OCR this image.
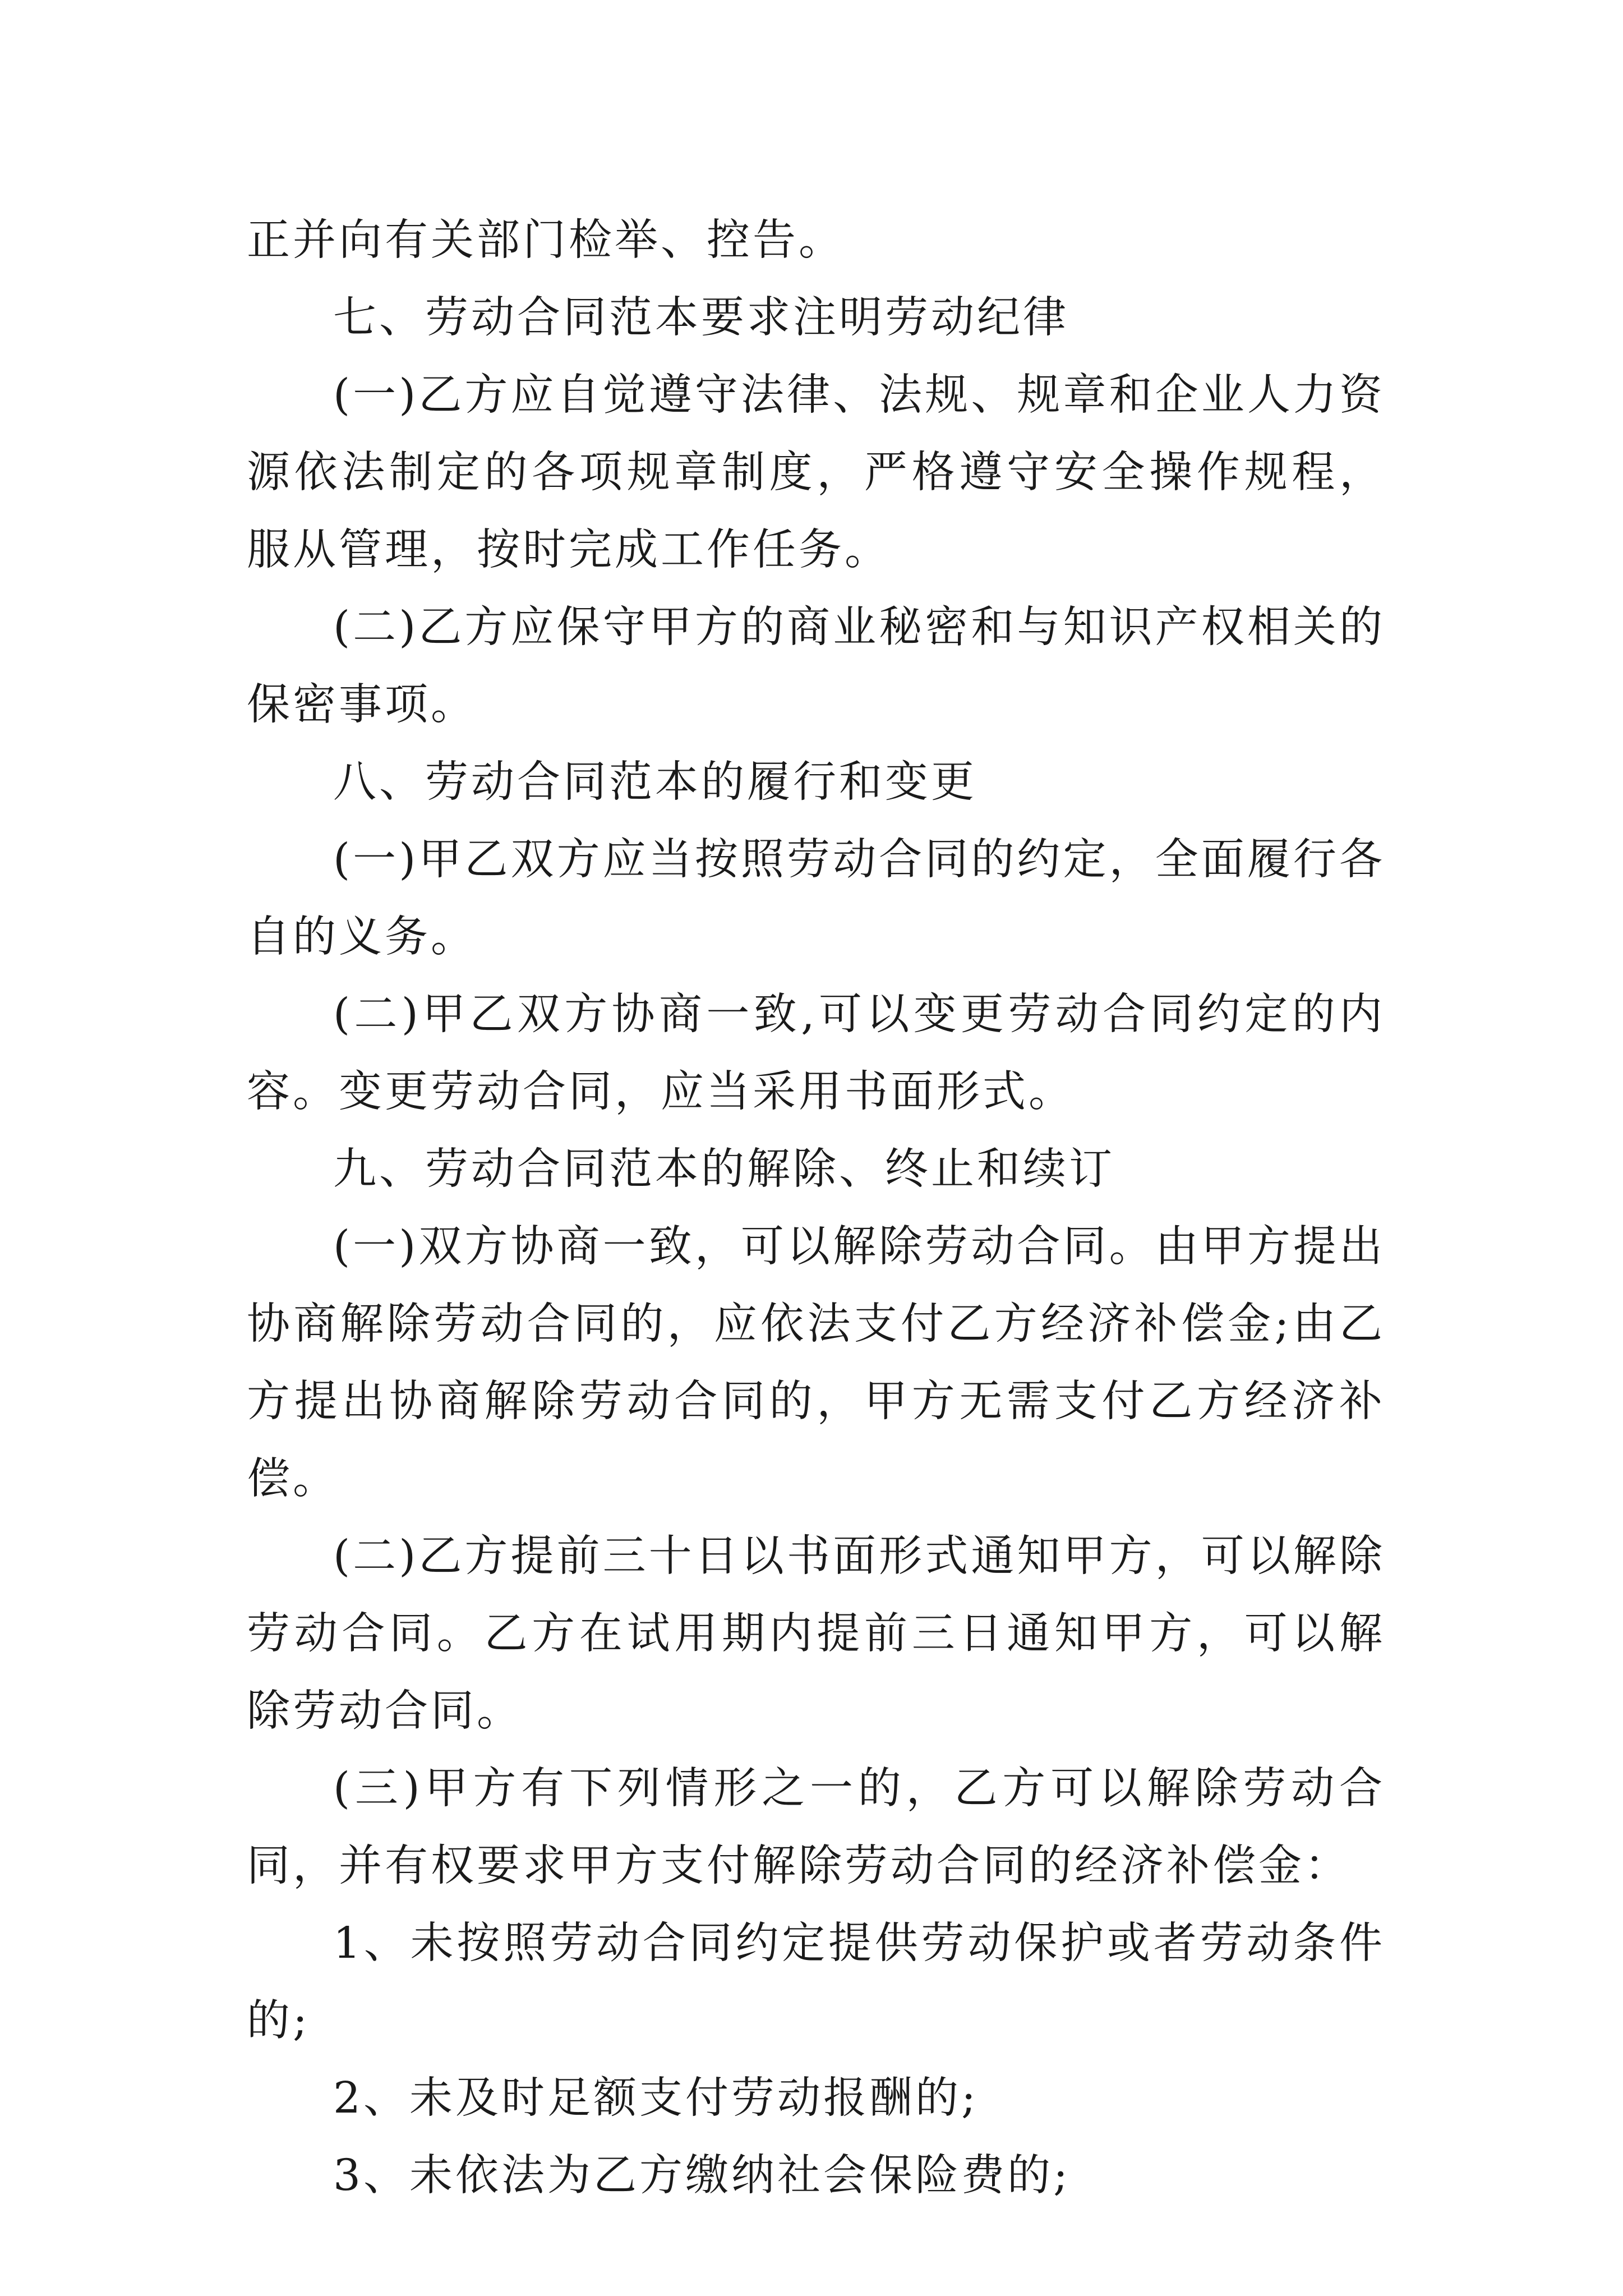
正并向有关部门检举、控告。

七、劳动合同范本要求注明劳动纪律

(一)乙方应自觉遵守法律、法规、规章和企业人力资源依法制定的各项规章制度，严格遵守安全操作规程，服从管理，按时完成工作任务。

(二)乙方应保守甲方的商业秘密和与知识产权相关的保密事项。

八、劳动合同范本的履行和变更

(一)甲乙双方应当按照劳动合同的约定，全面履行各自的义务。

(二)甲乙双方协商一致,可以变更劳动合同约定的内容。变更劳动合同，应当采用书面形式。

九、劳动合同范本的解除、终止和续订

(一)双方协商一致，可以解除劳动合同。由甲方提出协商解除劳动合同的，应依法支付乙方经济补偿金;由乙方提出协商解除劳动合同的，甲方无需支付乙方经济补偿。

(二)乙方提前三十日以书面形式通知甲方，可以解除劳动合同。乙方在试用期内提前三日通知甲方，可以解除劳动合同。

(三)甲方有下列情形之一的，乙方可以解除劳动合同，并有权要求甲方支付解除劳动合同的经济补偿金：

1、未按照劳动合同约定提供劳动保护或者劳动条件的;

2、未及时足额支付劳动报酬的;

3、未依法为乙方缴纳社会保险费的;
